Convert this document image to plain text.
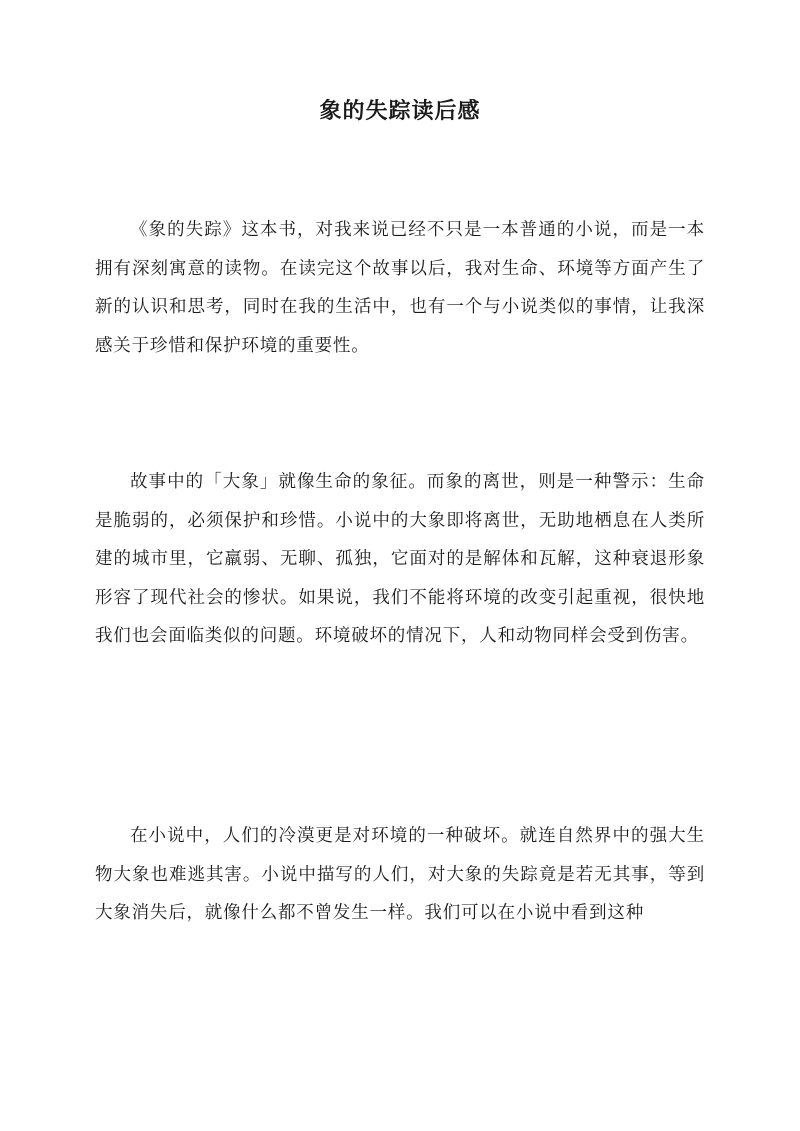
象的失踪读后感

《象的失踪》这本书，对我来说已经不只是一本普通的小说，而是一本拥有深刻寓意的读物。在读完这个故事以后，我对生命、环境等方面产生了新的认识和思考，同时在我的生活中，也有一个与小说类似的事情，让我深感关于珍惜和保护环境的重要性。

故事中的「大象」就像生命的象征。而象的离世，则是一种警示：生命是脆弱的，必须保护和珍惜。小说中的大象即将离世，无助地栖息在人类所建的城市里，它羸弱、无聊、孤独，它面对的是解体和瓦解，这种衰退形象形容了现代社会的惨状。如果说，我们不能将环境的改变引起重视，很快地我们也会面临类似的问题。环境破坏的情况下，人和动物同样会受到伤害。

在小说中，人们的冷漠更是对环境的一种破坏。就连自然界中的强大生物大象也难逃其害。小说中描写的人们，对大象的失踪竟是若无其事，等到大象消失后，就像什么都不曾发生一样。我们可以在小说中看到这种
